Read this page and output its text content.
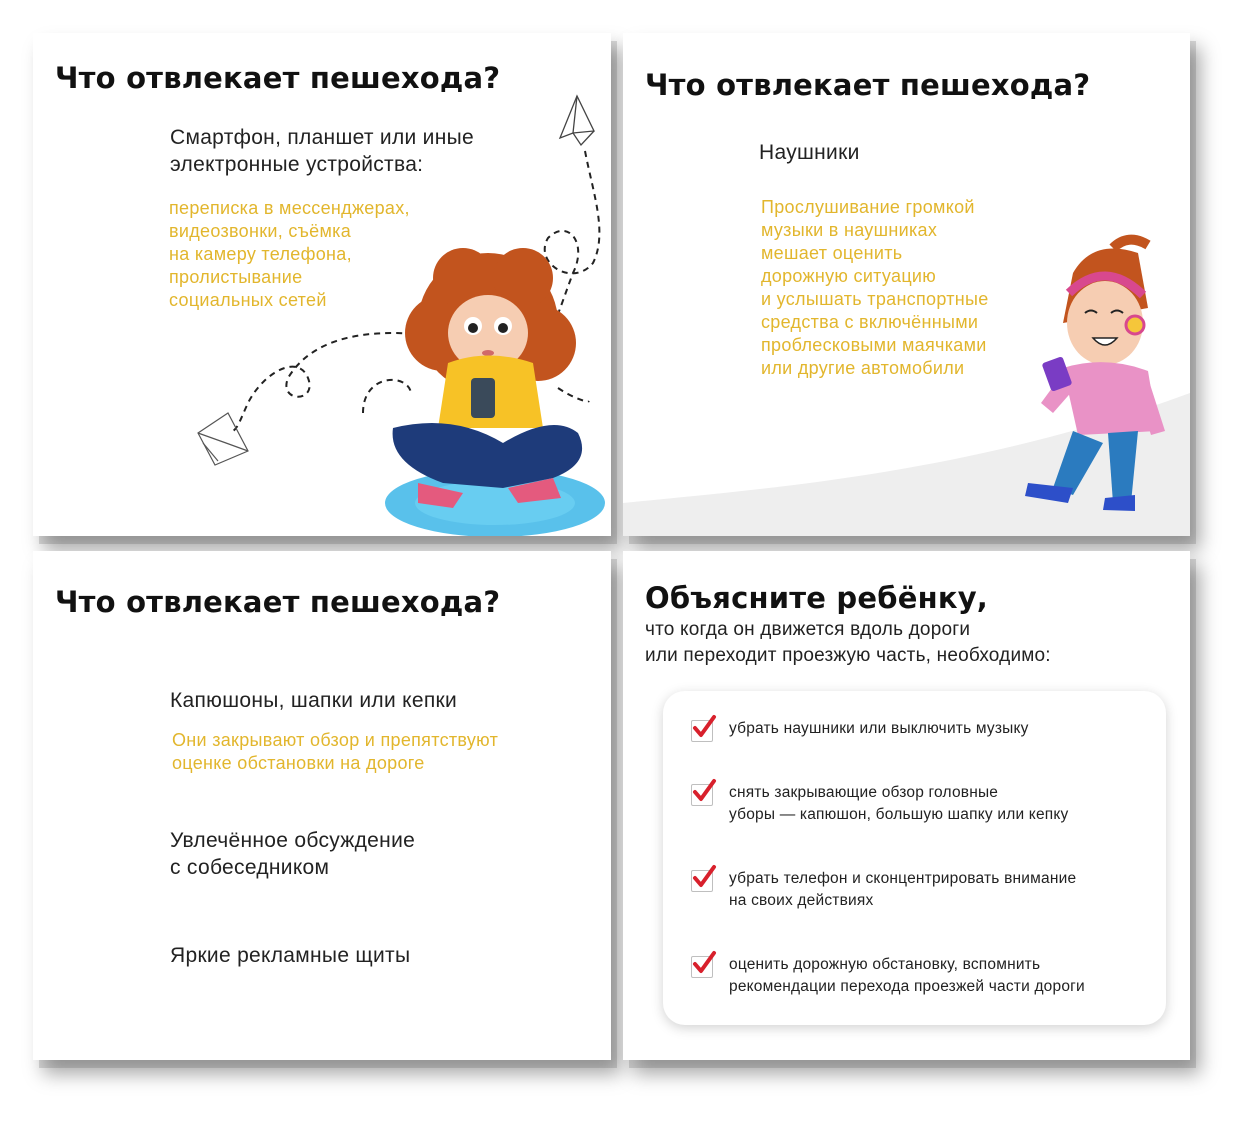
Что отвлекает пешехода?
Смартфон, планшет или иные
электронные устройства:
переписка в мессенджерах,
видеозвонки, съёмка
на камеру телефона,
пролистывание
социальных сетей
Что отвлекает пешехода?
Наушники
Прослушивание громкой
музыки в наушниках
мешает оценить
дорожную ситуацию
и услышать транспортные
средства с включёнными
проблесковыми маячками
или другие автомобили
Что отвлекает пешехода?
Капюшоны, шапки или кепки
Они закрывают обзор и препятствуют
оценке обстановки на дороге
Увлечённое обсуждение
с собеседником
Яркие рекламные щиты
Объясните ребёнку,
что когда он движется вдоль дороги
или переходит проезжую часть, необходимо:
убрать наушники или выключить музыку
снять закрывающие обзор головные
уборы — капюшон, большую шапку или кепку
убрать телефон и сконцентрировать внимание
на своих действиях
оценить дорожную обстановку, вспомнить
рекомендации перехода проезжей части дороги
